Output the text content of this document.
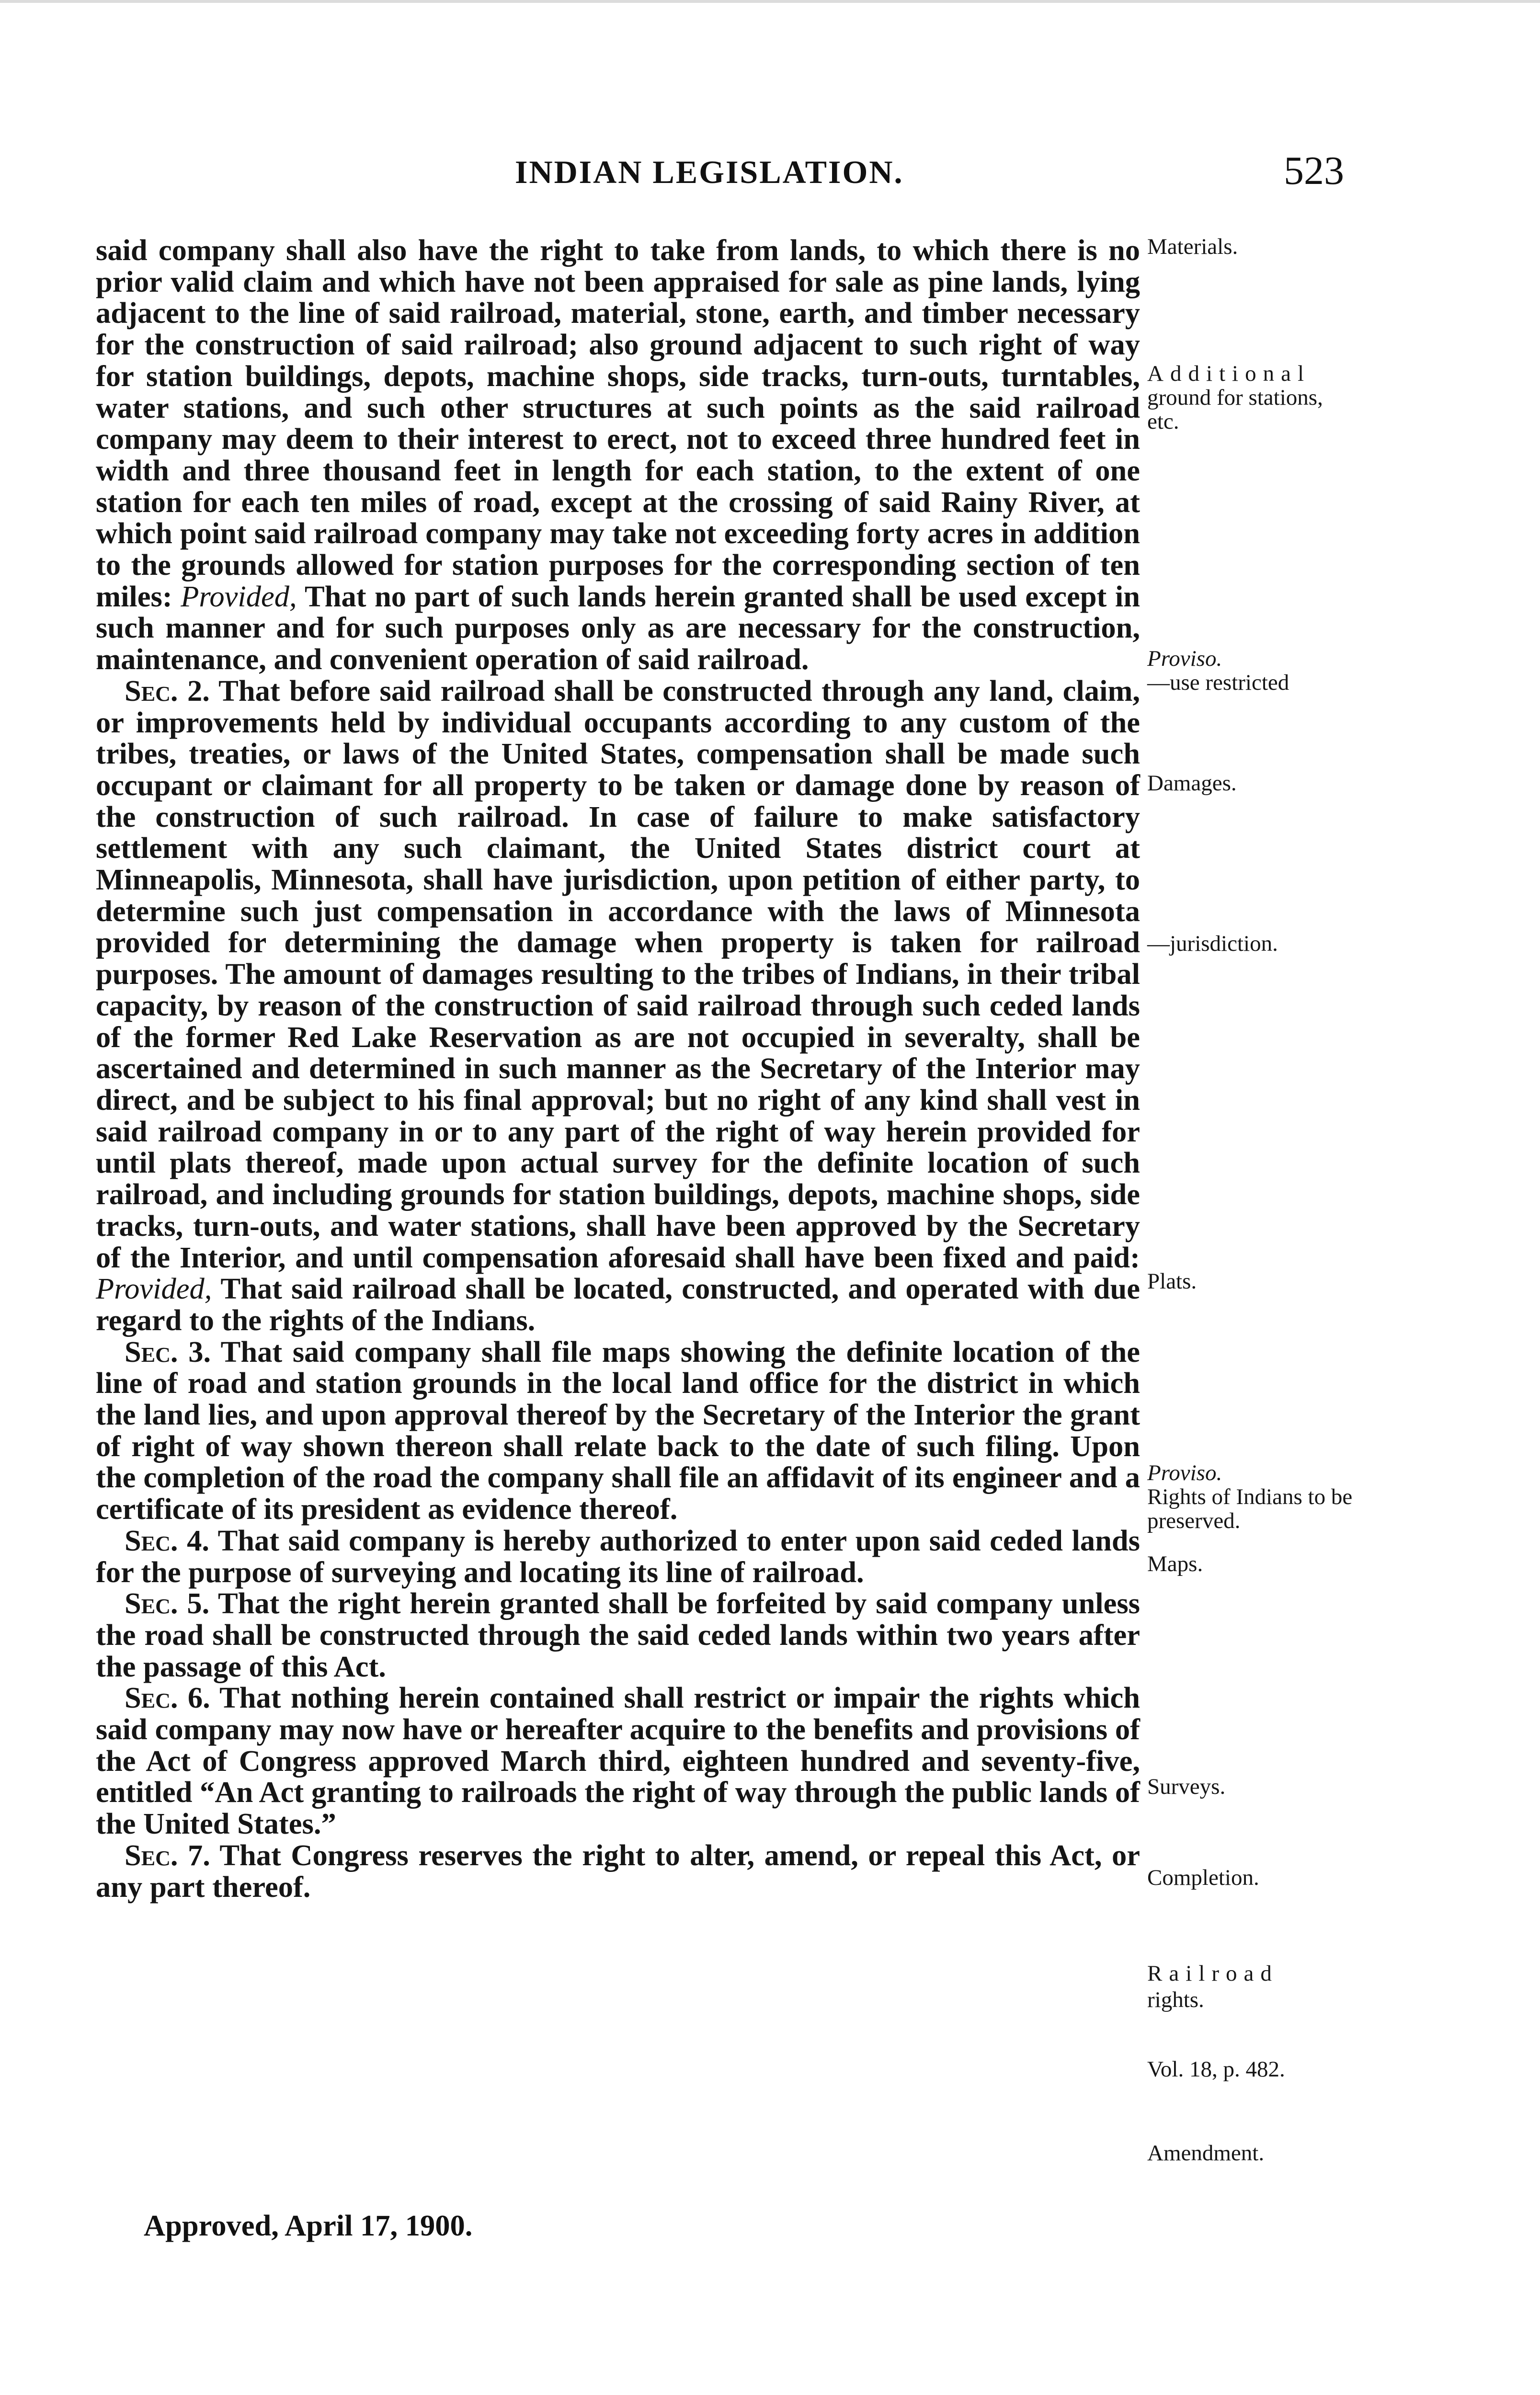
INDIAN LEGISLATION.	523

said company shall also have the right to take from lands, to which there is no prior valid claim and which have not been appraised for sale as pine lands, lying adjacent to the line of said railroad, material, stone, earth, and timber necessary for the construction of said railroad; also ground adjacent to such right of way for station buildings, depots, machine shops, side tracks, turn-outs, turntables, water stations, and such other structures at such points as the said railroad company may deem to their interest to erect, not to exceed three hundred feet in width and three thousand feet in length for each station, to the extent of one station for each ten miles of road, except at the crossing of said Rainy River, at which point said railroad company may take not exceeding forty acres in addition to the grounds allowed for station purposes for the corresponding section of ten miles: Provided, That no part of such lands herein granted shall be used except in such manner and for such purposes only as are necessary for the construction, maintenance, and convenient operation of said railroad.

Sec. 2. That before said railroad shall be constructed through any land, claim, or improvements held by individual occupants according to any custom of the tribes, treaties, or laws of the United States, compensation shall be made such occupant or claimant for all property to be taken or damage done by reason of the construction of such railroad. In case of failure to make satisfactory settlement with any such claimant, the United States district court at Minneapolis, Minnesota, shall have jurisdiction, upon petition of either party, to determine such just compensation in accordance with the laws of Minnesota provided for determining the damage when property is taken for railroad purposes. The amount of damages resulting to the tribes of Indians, in their tribal capacity, by reason of the construction of said railroad through such ceded lands of the former Red Lake Reservation as are not occupied in severalty, shall be ascertained and determined in such manner as the Secretary of the Interior may direct, and be subject to his final approval; but no right of any kind shall vest in said railroad company in or to any part of the right of way herein provided for until plats thereof, made upon actual survey for the definite location of such railroad, and including grounds for station buildings, depots, machine shops, side tracks, turn-outs, and water stations, shall have been approved by the Secretary of the Interior, and until compensation aforesaid shall have been fixed and paid: Provided, That said railroad shall be located, constructed, and operated with due regard to the rights of the Indians.

Sec. 3. That said company shall file maps showing the definite location of the line of road and station grounds in the local land office for the district in which the land lies, and upon approval thereof by the Secretary of the Interior the grant of right of way shown thereon shall relate back to the date of such filing. Upon the completion of the road the company shall file an affidavit of its engineer and a certificate of its president as evidence thereof.

Sec. 4. That said company is hereby authorized to enter upon said ceded lands for the purpose of surveying and locating its line of railroad.

Sec. 5. That the right herein granted shall be forfeited by said company unless the road shall be constructed through the said ceded lands within two years after the passage of this Act.

Sec. 6. That nothing herein contained shall restrict or impair the rights which said company may now have or hereafter acquire to the benefits and provisions of the Act of Congress approved March third, eighteen hundred and seventy-five, entitled “An Act granting to railroads the right of way through the public lands of the United States.”

Sec. 7. That Congress reserves the right to alter, amend, or repeal this Act, or any part thereof.

Approved, April 17, 1900.
Materials.
Additional
ground for stations, etc.
Proviso.
—use restricted
Damages.
—jurisdiction.
Plats.
Proviso.
Rights of Indians to be preserved.
Maps.
Surveys.
Completion.
Railroad
rights.
Vol. 18, p. 482.
Amendment.
